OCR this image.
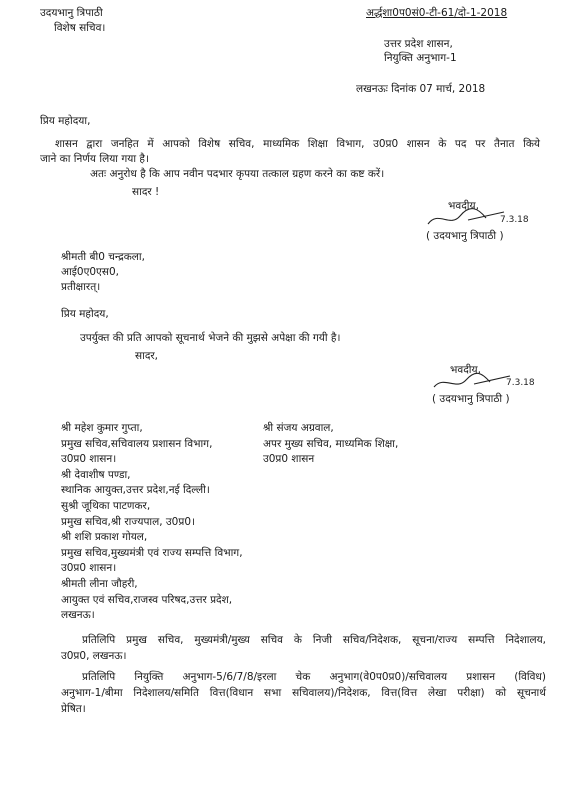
उदयभानु त्रिपाठी
विशेष सचिव।
अर्द्धशा0प0सं0-टी-61/दो-1-2018
उत्तर प्रदेश शासन,
नियुक्ति अनुभाग-1
लखनऊः दिनांक 07 मार्च, 2018
प्रिय महोदया,
शासन द्वारा जनहित में आपको विशेष सचिव, माध्यमिक शिक्षा विभाग, उ0प्र0 शासन के पद पर तैनात किये
जाने का निर्णय लिया गया है।
अतः अनुरोध है कि आप नवीन पदभार कृपया तत्काल ग्रहण करने का कष्ट करें।
सादर !
भवदीय,
7.3.18
( उदयभानु त्रिपाठी )
श्रीमती बी0 चन्द्रकला,
आई0ए0एस0,
प्रतीक्षारत्।
प्रिय महोदय,
उपर्युक्त की प्रति आपको सूचनार्थ भेजने की मुझसे अपेक्षा की गयी है।
सादर,
भवदीय,
7.3.18
( उदयभानु त्रिपाठी )
श्री महेश कुमार गुप्ता,
प्रमुख सचिव,सचिवालय प्रशासन विभाग,
उ0प्र0 शासन।
श्री देवाशीष पण्डा,
स्थानिक आयुक्त,उत्तर प्रदेश,नई दिल्ली।
सुश्री जूथिका पाटणकर,
प्रमुख सचिव,श्री राज्यपाल, उ0प्र0।
श्री शशि प्रकाश गोयल,
प्रमुख सचिव,मुख्यमंत्री एवं राज्य सम्पत्ति विभाग,
उ0प्र0 शासन।
श्रीमती लीना जौहरी,
आयुक्त एवं सचिव,राजस्व परिषद,उत्तर प्रदेश,
लखनऊ।
श्री संजय अग्रवाल,
अपर मुख्य सचिव, माध्यमिक शिक्षा,
उ0प्र0 शासन
प्रतिलिपि प्रमुख सचिव, मुख्यमंत्री/मुख्य सचिव के निजी सचिव/निदेशक, सूचना/राज्य सम्पत्ति निदेशालय,
उ0प्र0, लखनऊ।
प्रतिलिपि नियुक्ति अनुभाग-5/6/7/8/इरला चेक अनुभाग(वे0प0प्र0)/सचिवालय प्रशासन (विविध)
अनुभाग-1/बीमा निदेशालय/समिति वित्त(विधान सभा सचिवालय)/निदेशक, वित्त(वित्त लेखा परीक्षा) को सूचनार्थ
प्रेषित।
